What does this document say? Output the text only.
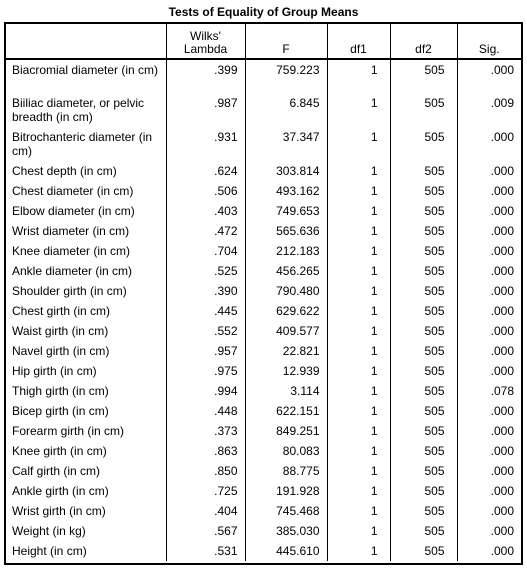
Tests of Equality of Group Means

	Wilks'
Lambda	F	df1	df2	Sig.
Biacromial diameter (in cm)	.399	759.223	1	505	.000
Biiliac diameter, or pelvic breadth (in cm)	.987	6.845	1	505	.009
Bitrochanteric diameter (in cm)	.931	37.347	1	505	.000
Chest depth (in cm)	.624	303.814	1	505	.000
Chest diameter (in cm)	.506	493.162	1	505	.000
Elbow diameter (in cm)	.403	749.653	1	505	.000
Wrist diameter (in cm)	.472	565.636	1	505	.000
Knee diameter (in cm)	.704	212.183	1	505	.000
Ankle diameter (in cm)	.525	456.265	1	505	.000
Shoulder girth (in cm)	.390	790.480	1	505	.000
Chest girth (in cm)	.445	629.622	1	505	.000
Waist girth (in cm)	.552	409.577	1	505	.000
Navel girth (in cm)	.957	22.821	1	505	.000
Hip girth (in cm)	.975	12.939	1	505	.000
Thigh girth (in cm)	.994	3.114	1	505	.078
Bicep girth (in cm)	.448	622.151	1	505	.000
Forearm girth (in cm)	.373	849.251	1	505	.000
Knee girth (in cm)	.863	80.083	1	505	.000
Calf girth (in cm)	.850	88.775	1	505	.000
Ankle girth (in cm)	.725	191.928	1	505	.000
Wrist girth (in cm)	.404	745.468	1	505	.000
Weight (in kg)	.567	385.030	1	505	.000
Height (in cm)	.531	445.610	1	505	.000
